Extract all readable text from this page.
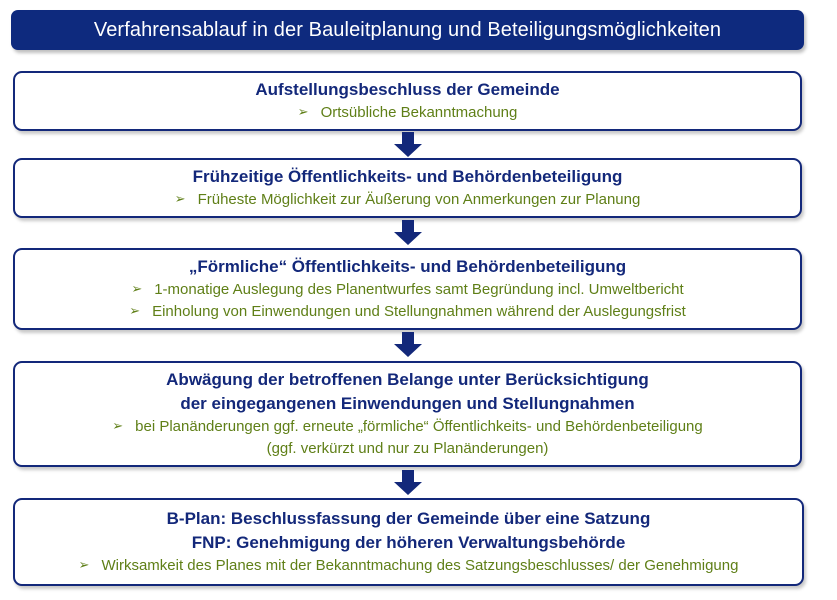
Verfahrensablauf in der Bauleitplanung und Beteiligungsmöglichkeiten
Aufstellungsbeschluss der Gemeinde
➢ Ortsübliche Bekanntmachung
Frühzeitige Öffentlichkeits- und Behördenbeteiligung
➢ Früheste Möglichkeit zur Äußerung von Anmerkungen zur Planung
„Förmliche“ Öffentlichkeits- und Behördenbeteiligung
➢ 1-monatige Auslegung des Planentwurfes samt Begründung incl. Umweltbericht
➢ Einholung von Einwendungen und Stellungnahmen während der Auslegungsfrist
Abwägung der betroffenen Belange unter Berücksichtigung
der eingegangenen Einwendungen und Stellungnahmen
➢ bei Planänderungen ggf. erneute „förmliche“ Öffentlichkeits- und Behördenbeteiligung
(ggf. verkürzt und nur zu Planänderungen)
B-Plan: Beschlussfassung der Gemeinde über eine Satzung
FNP: Genehmigung der höheren Verwaltungsbehörde
➢ Wirksamkeit des Planes mit der Bekanntmachung des Satzungsbeschlusses/ der Genehmigung
